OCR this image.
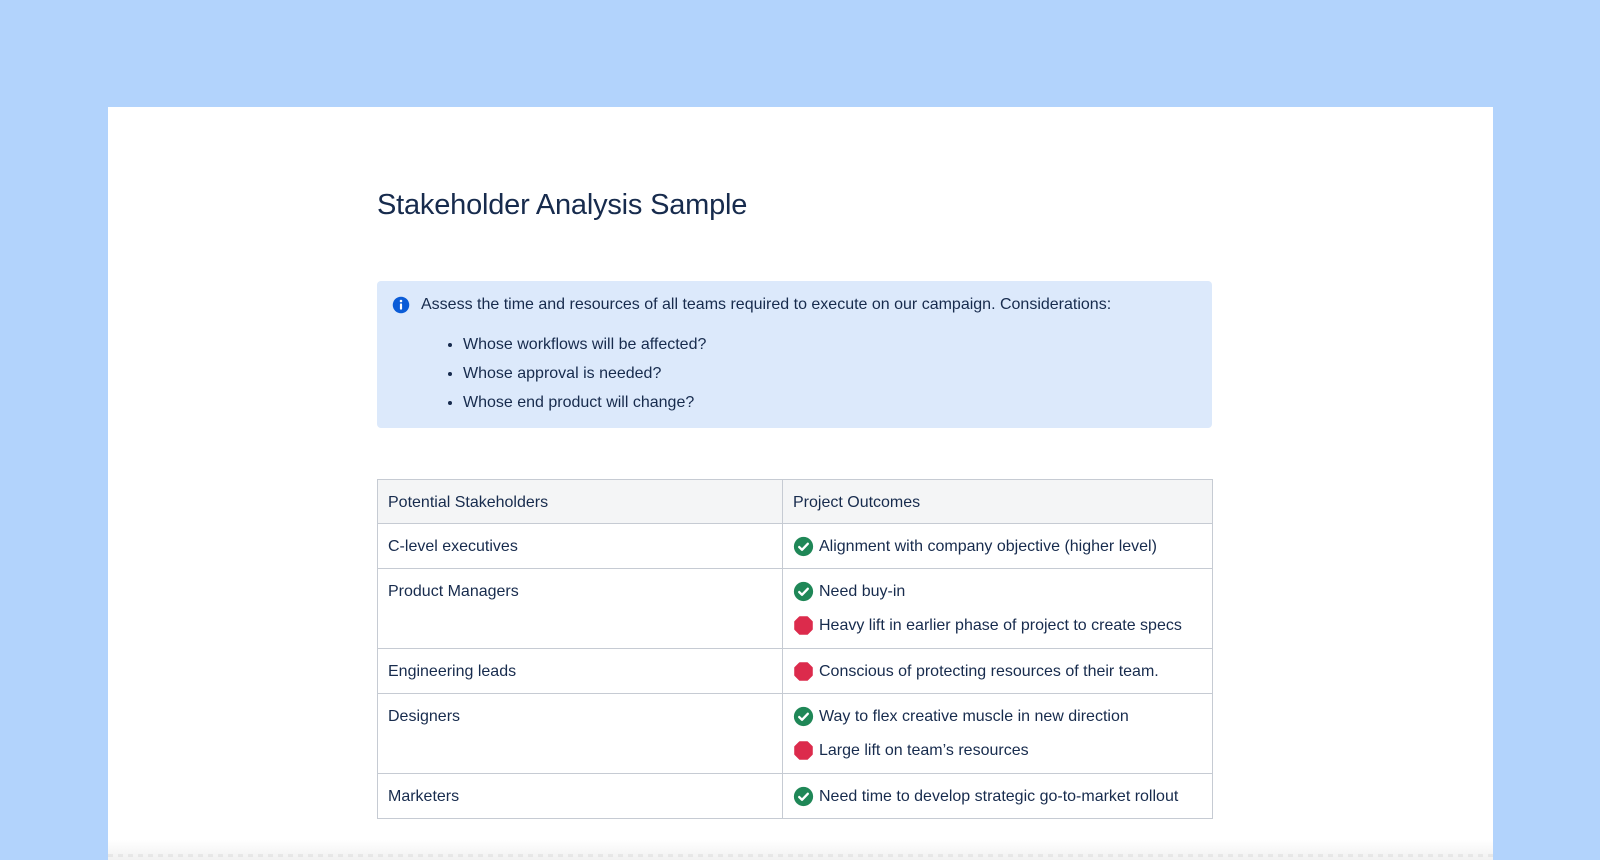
Stakeholder Analysis Sample
Assess the time and resources of all teams required to execute on our campaign. Considerations:
• Whose workflows will be affected?
• Whose approval is needed?
• Whose end product will change?
Potential Stakeholders	Project Outcomes
C-level executives	Alignment with company objective (higher level)

Product Managers	Need buy-in
Heavy lift in earlier phase of project to create specs

Engineering leads	Conscious of protecting resources of their team.

Designers	Way to flex creative muscle in new direction
Large lift on team’s resources

Marketers	Need time to develop strategic go-to-market rollout
